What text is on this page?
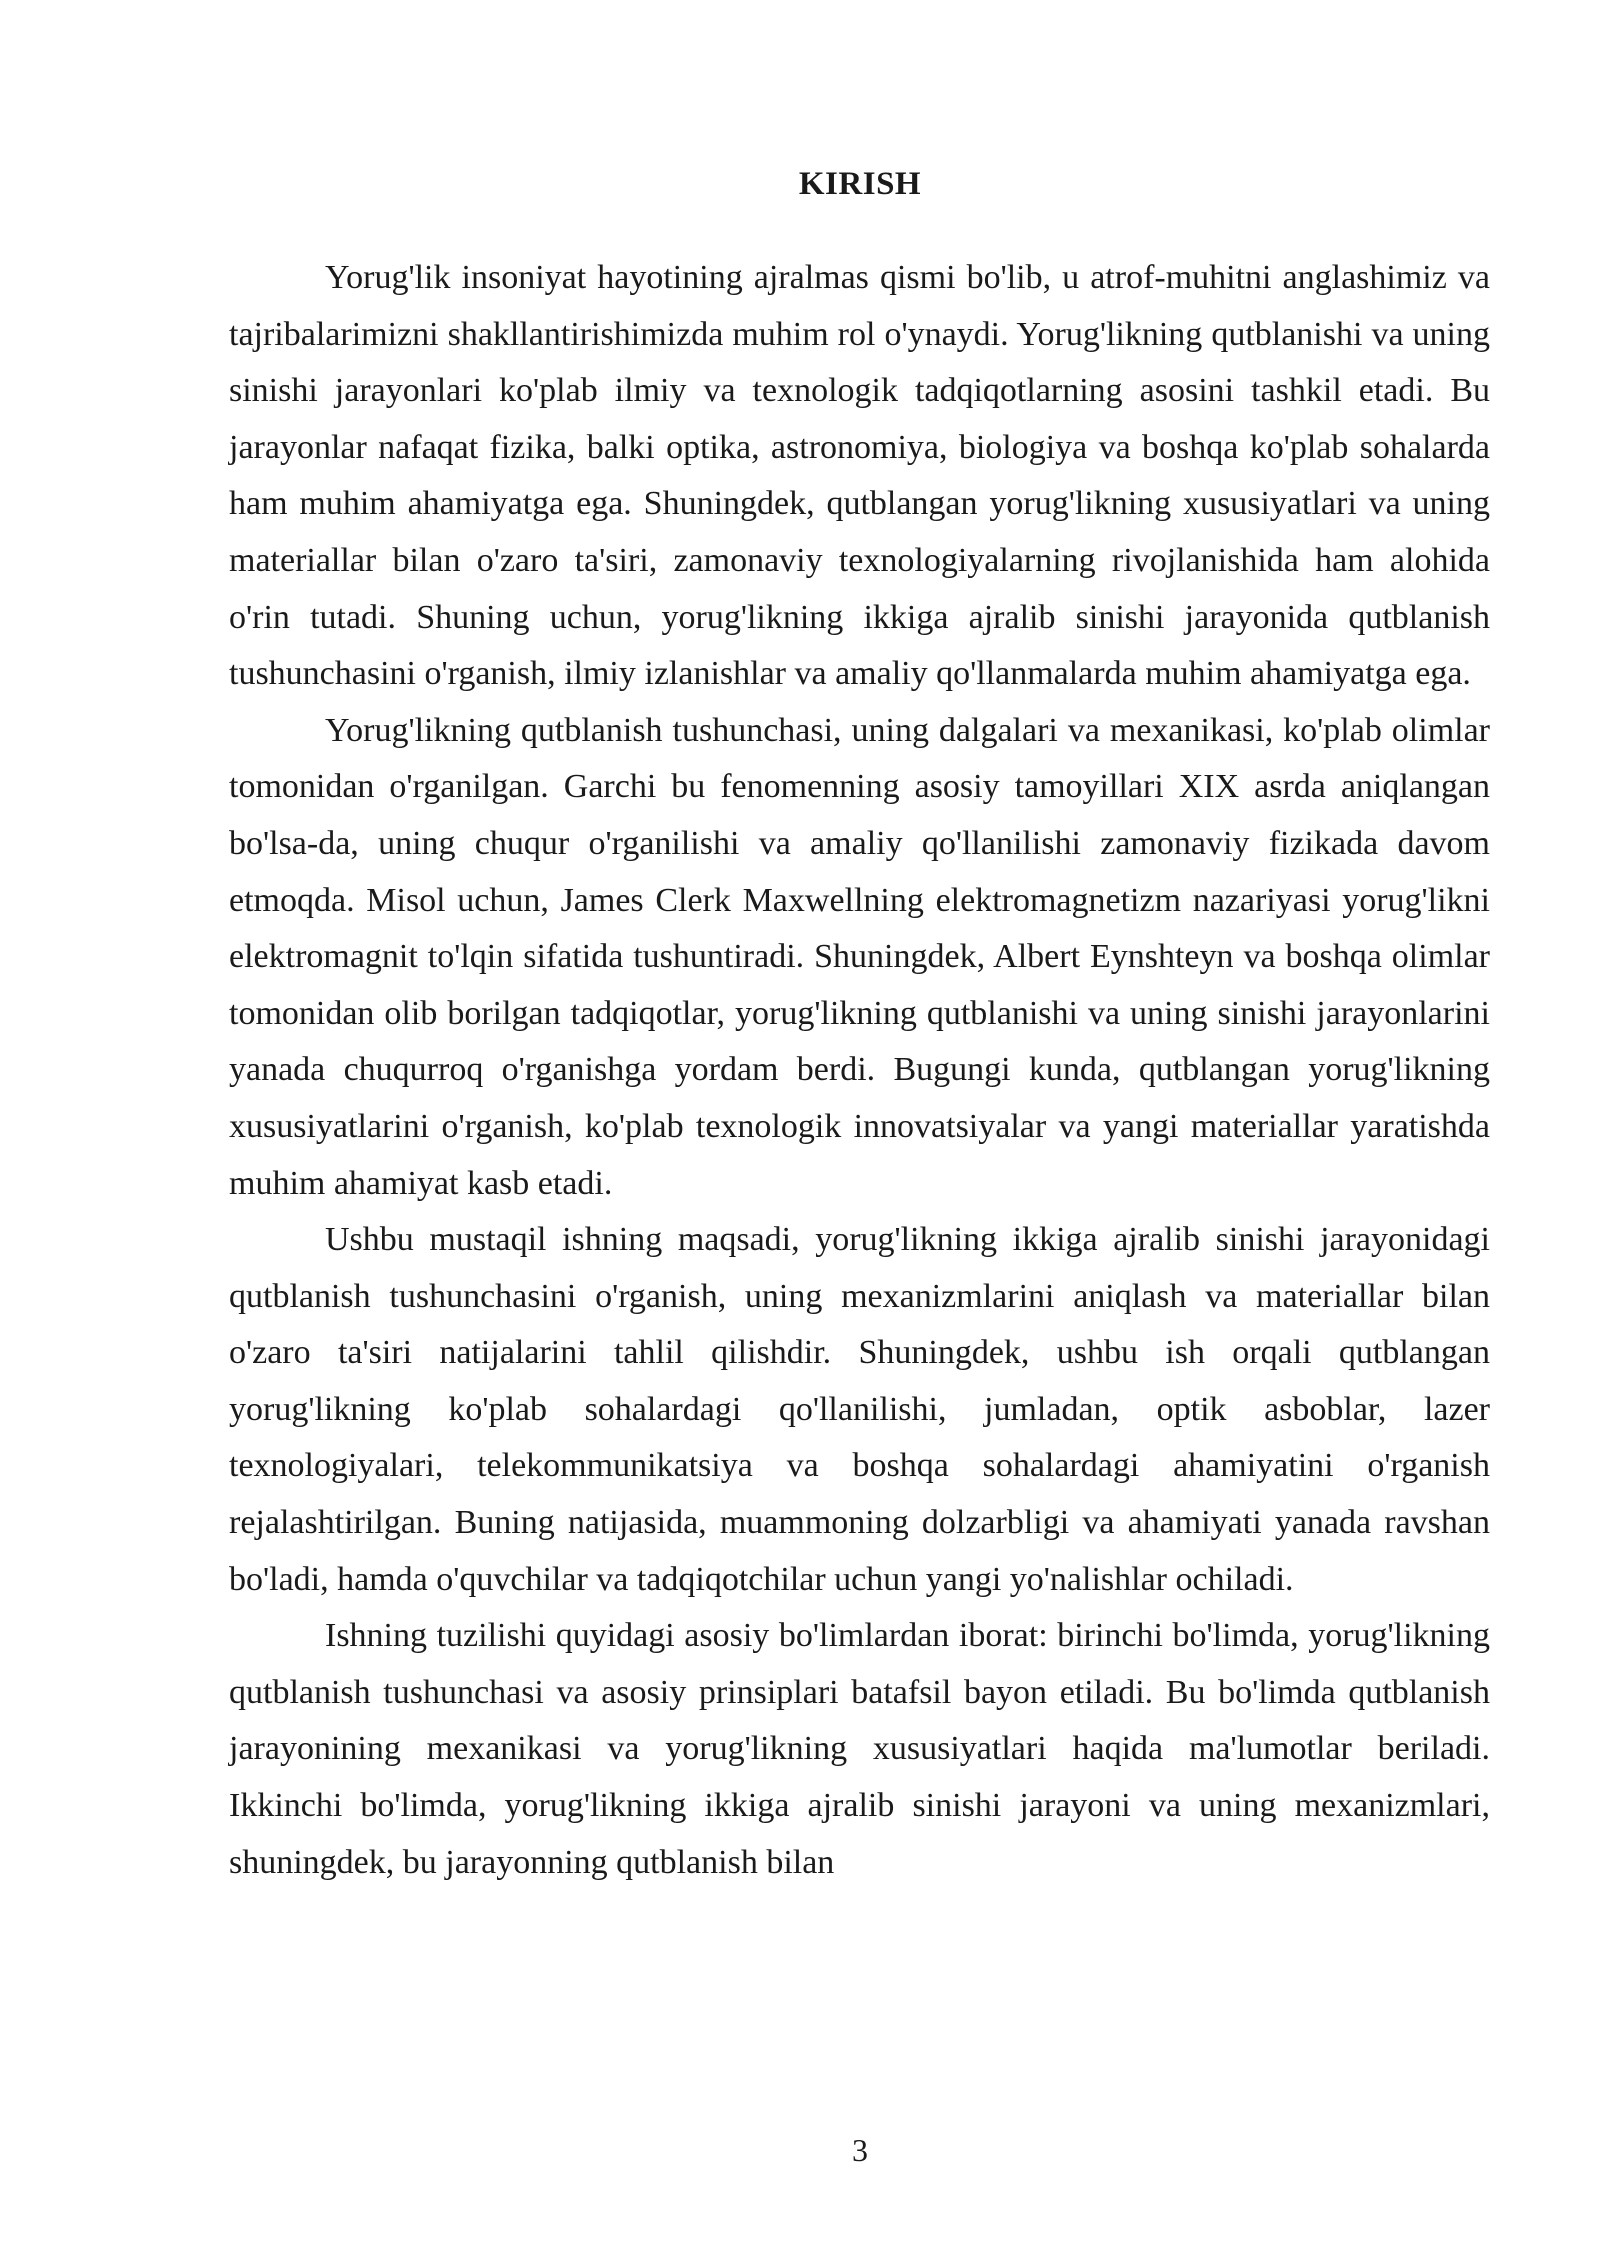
KIRISH

Yorug'lik insoniyat hayotining ajralmas qismi bo'lib, u atrof-muhitni anglashimiz va tajribalarimizni shakllantirishimizda muhim rol o'ynaydi. Yorug'likning qutblanishi va uning sinishi jarayonlari ko'plab ilmiy va texnologik tadqiqotlarning asosini tashkil etadi. Bu jarayonlar nafaqat fizika, balki optika, astronomiya, biologiya va boshqa ko'plab sohalarda ham muhim ahamiyatga ega. Shuningdek, qutblangan yorug'likning xususiyatlari va uning materiallar bilan o'zaro ta'siri, zamonaviy texnologiyalarning rivojlanishida ham alohida o'rin tutadi. Shuning uchun, yorug'likning ikkiga ajralib sinishi jarayonida qutblanish tushunchasini o'rganish, ilmiy izlanishlar va amaliy qo'llanmalarda muhim ahamiyatga ega.

Yorug'likning qutblanish tushunchasi, uning dalgalari va mexanikasi, ko'plab olimlar tomonidan o'rganilgan. Garchi bu fenomenning asosiy tamoyillari XIX asrda aniqlangan bo'lsa-da, uning chuqur o'rganilishi va amaliy qo'llanilishi zamonaviy fizikada davom etmoqda. Misol uchun, James Clerk Maxwellning elektromagnetizm nazariyasi yorug'likni elektromagnit to'lqin sifatida tushuntiradi. Shuningdek, Albert Eynshteyn va boshqa olimlar tomonidan olib borilgan tadqiqotlar, yorug'likning qutblanishi va uning sinishi jarayonlarini yanada chuqurroq o'rganishga yordam berdi. Bugungi kunda, qutblangan yorug'likning xususiyatlarini o'rganish, ko'plab texnologik innovatsiyalar va yangi materiallar yaratishda muhim ahamiyat kasb etadi.

Ushbu mustaqil ishning maqsadi, yorug'likning ikkiga ajralib sinishi jarayonidagi qutblanish tushunchasini o'rganish, uning mexanizmlarini aniqlash va materiallar bilan o'zaro ta'siri natijalarini tahlil qilishdir. Shuningdek, ushbu ish orqali qutblangan yorug'likning ko'plab sohalardagi qo'llanilishi, jumladan, optik asboblar, lazer texnologiyalari, telekommunikatsiya va boshqa sohalardagi ahamiyatini o'rganish rejalashtirilgan. Buning natijasida, muammoning dolzarbligi va ahamiyati yanada ravshan bo'ladi, hamda o'quvchilar va tadqiqotchilar uchun yangi yo'nalishlar ochiladi.

Ishning tuzilishi quyidagi asosiy bo'limlardan iborat: birinchi bo'limda, yorug'likning qutblanish tushunchasi va asosiy prinsiplari batafsil bayon etiladi. Bu bo'limda qutblanish jarayonining mexanikasi va yorug'likning xususiyatlari haqida ma'lumotlar beriladi. Ikkinchi bo'limda, yorug'likning ikkiga ajralib sinishi jarayoni va uning mexanizmlari, shuningdek, bu jarayonning qutblanish bilan

3
